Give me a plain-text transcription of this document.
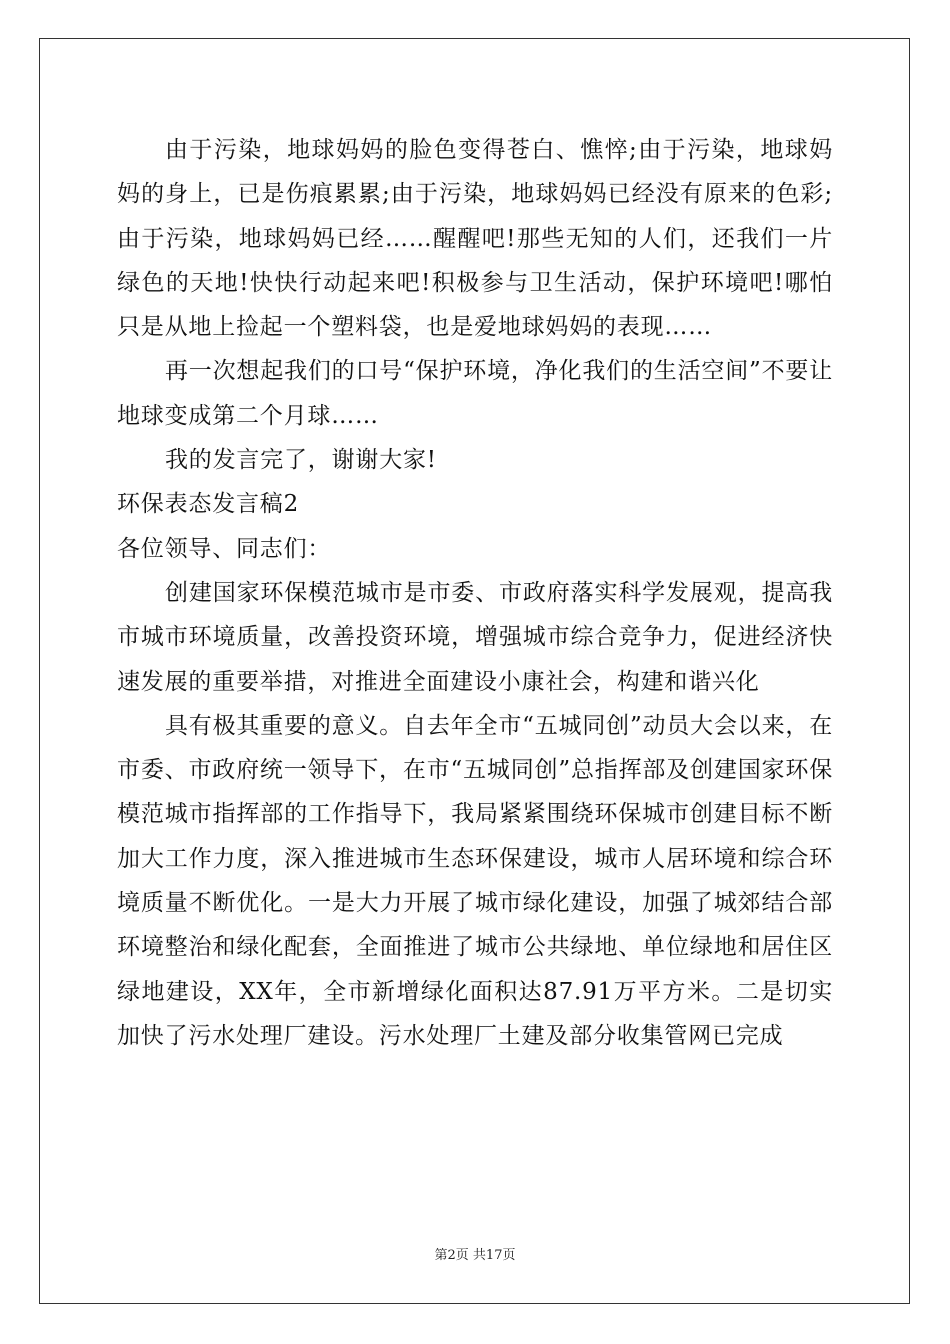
由于污染，地球妈妈的脸色变得苍白、憔悴;由于污染，地球妈妈的身上，已是伤痕累累;由于污染，地球妈妈已经没有原来的色彩;由于污染，地球妈妈已经……醒醒吧!那些无知的人们，还我们一片绿色的天地!快快行动起来吧!积极参与卫生活动，保护环境吧!哪怕只是从地上捡起一个塑料袋，也是爱地球妈妈的表现……

再一次想起我们的口号“保护环境，净化我们的生活空间”不要让地球变成第二个月球……

我的发言完了，谢谢大家!

环保表态发言稿2

各位领导、同志们：

创建国家环保模范城市是市委、市政府落实科学发展观，提高我市城市环境质量，改善投资环境，增强城市综合竞争力，促进经济快速发展的重要举措，对推进全面建设小康社会，构建和谐兴化

具有极其重要的意义。自去年全市“五城同创”动员大会以来，在市委、市政府统一领导下，在市“五城同创”总指挥部及创建国家环保模范城市指挥部的工作指导下，我局紧紧围绕环保城市创建目标不断加大工作力度，深入推进城市生态环保建设，城市人居环境和综合环境质量不断优化。一是大力开展了城市绿化建设，加强了城郊结合部环境整治和绿化配套，全面推进了城市公共绿地、单位绿地和居住区绿地建设，XX年，全市新增绿化面积达87.91万平方米。二是切实加快了污水处理厂建设。污水处理厂土建及部分收集管网已完成

第2页 共17页
